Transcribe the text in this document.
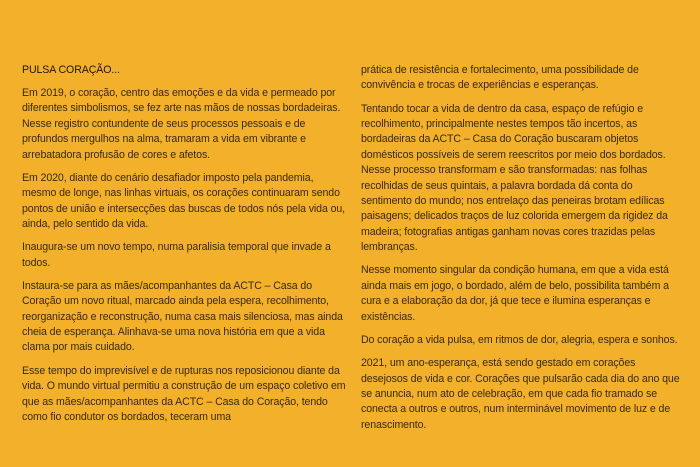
PULSA CORAÇÃO...

Em 2019, o coração, centro das emoções e da vida e permeado por diferentes simbolismos, se fez arte nas mãos de nossas bordadeiras. Nesse registro contundente de seus processos pessoais e de profundos mergulhos na alma, tramaram a vida em vibrante e arrebatadora profusão de cores e afetos.

Em 2020, diante do cenário desafiador imposto pela pandemia, mesmo de longe, nas linhas virtuais, os corações continuaram sendo pontos de união e intersecções das buscas de todos nós pela vida ou, ainda, pelo sentido da vida.

Inaugura-se um novo tempo, numa paralisia temporal que invade a todos.

Instaura-se para as mães/acompanhantes da ACTC – Casa do Coração um novo ritual, marcado ainda pela espera, recolhimento, reorganização e reconstrução, numa casa mais silenciosa, mas ainda cheia de esperança. Alinhava-se uma nova história em que a vida clama por mais cuidado.

Esse tempo do imprevisível e de rupturas nos reposicionou diante da vida. O mundo virtual permitiu a construção de um espaço coletivo em que as mães/acompanhantes da ACTC – Casa do Coração, tendo como fio condutor os bordados, teceram uma

prática de resistência e fortalecimento, uma possibilidade de convivência e trocas de experiências e esperanças.

Tentando tocar a vida de dentro da casa, espaço de refúgio e recolhimento, principalmente nestes tempos tão incertos, as bordadeiras da ACTC – Casa do Coração buscaram objetos domésticos possíveis de serem reescritos por meio dos bordados. Nesse processo transformam e são transformadas: nas folhas recolhidas de seus quintais, a palavra bordada dá conta do sentimento do mundo; nos entrelaço das peneiras brotam edílicas paisagens; delicados traços de luz colorida emergem da rigidez da madeira; fotografias antigas ganham novas cores trazidas pelas lembranças.

Nesse momento singular da condição humana, em que a vida está ainda mais em jogo, o bordado, além de belo, possibilita também a cura e a elaboração da dor, já que tece e ilumina esperanças e existências.

Do coração a vida pulsa, em ritmos de dor, alegria, espera e sonhos.

2021, um ano-esperança, está sendo gestado em corações desejosos de vida e cor. Corações que pulsarão cada dia do ano que se anuncia, num ato de celebração, em que cada fio tramado se conecta a outros e outros, num interminável movimento de luz e de renascimento.
